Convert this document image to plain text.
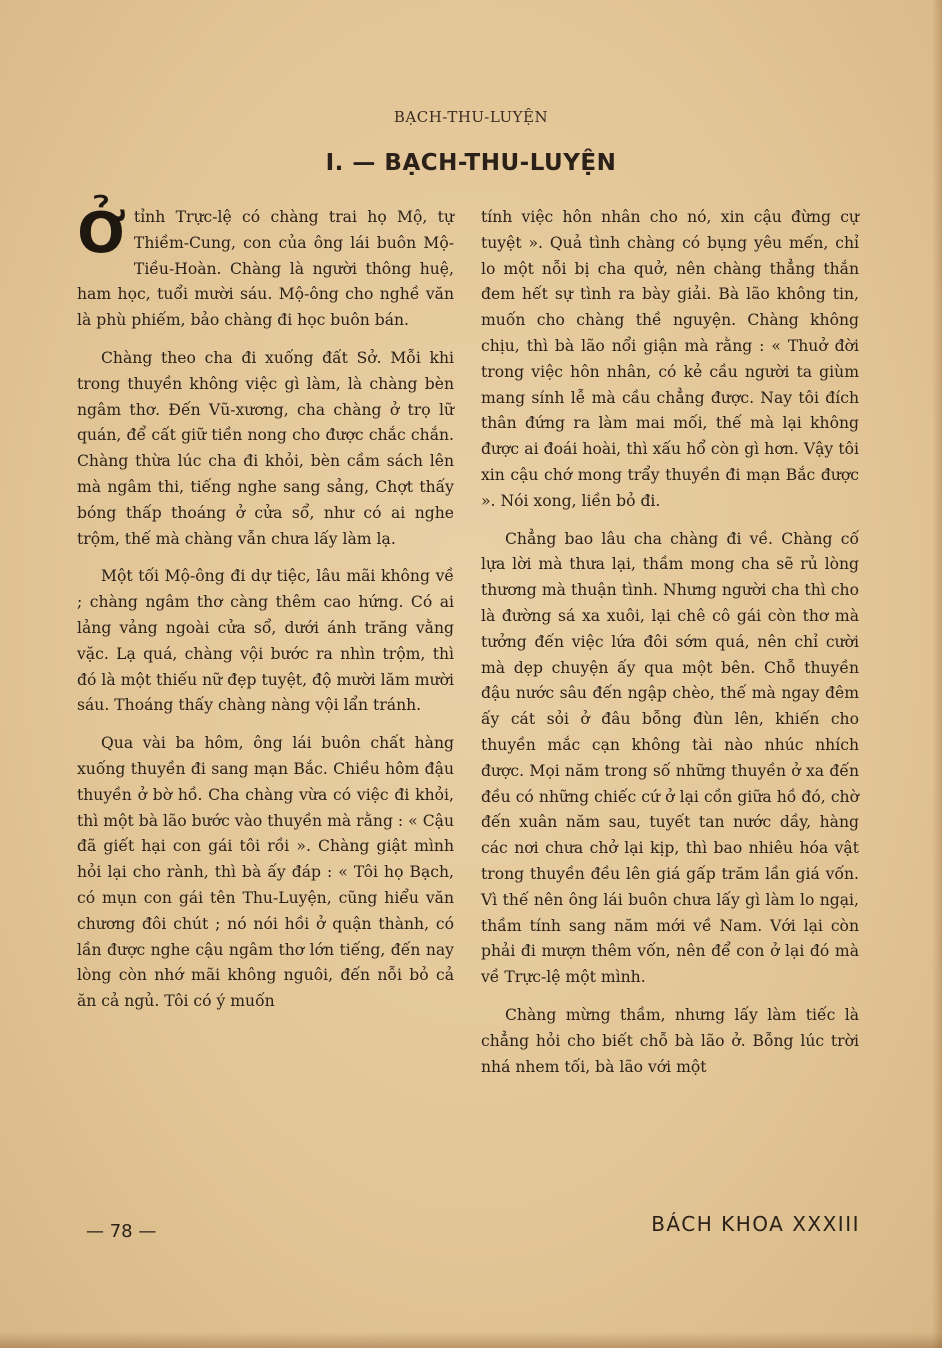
BẠCH-THU-LUYỆN
I. — BẠCH-THU-LUYỆN

Ởtỉnh Trực-lệ có chàng trai họ Mộ, tự Thiềm-Cung, con của ông lái buôn Mộ-Tiều-Hoàn. Chàng là người thông huệ, ham học, tuổi mười sáu. Mộ-ông cho nghề văn là phù phiếm, bảo chàng đi học buôn bán.

Chàng theo cha đi xuống đất Sở. Mỗi khi trong thuyền không việc gì làm, là chàng bèn ngâm thơ. Đến Vũ-xương, cha chàng ở trọ lữ quán, để cất giữ tiền nong cho được chắc chắn. Chàng thừa lúc cha đi khỏi, bèn cầm sách lên mà ngâm thi, tiếng nghe sang sảng, Chợt thấy bóng thấp thoáng ở cửa sổ, như có ai nghe trộm, thế mà chàng vẫn chưa lấy làm lạ.

Một tối Mộ-ông đi dự tiệc, lâu mãi không về ; chàng ngâm thơ càng thêm cao hứng. Có ai lảng vảng ngoài cửa sổ, dưới ánh trăng vằng vặc. Lạ quá, chàng vội bước ra nhìn trộm, thì đó là một thiếu nữ đẹp tuyệt, độ mười lăm mười sáu. Thoáng thấy chàng nàng vội lẩn tránh.

Qua vài ba hôm, ông lái buôn chất hàng xuống thuyền đi sang mạn Bắc. Chiều hôm đậu thuyền ở bờ hồ. Cha chàng vừa có việc đi khỏi, thì một bà lão bước vào thuyền mà rằng : « Cậu đã giết hại con gái tôi rồi ». Chàng giật mình hỏi lại cho rành, thì bà ấy đáp : « Tôi họ Bạch, có mụn con gái tên Thu-Luyện, cũng hiểu văn chương đôi chút ; nó nói hồi ở quận thành, có lần được nghe cậu ngâm thơ lớn tiếng, đến nay lòng còn nhớ mãi không nguôi, đến nỗi bỏ cả ăn cả ngủ. Tôi có ý muốn

tính việc hôn nhân cho nó, xin cậu đừng cự tuyệt ». Quả tình chàng có bụng yêu mến, chỉ lo một nỗi bị cha quở, nên chàng thẳng thắn đem hết sự tình ra bày giải. Bà lão không tin, muốn cho chàng thề nguyện. Chàng không chịu, thì bà lão nổi giận mà rằng : « Thuở đời trong việc hôn nhân, có kẻ cầu người ta giùm mang sính lễ mà cầu chẳng được. Nay tôi đích thân đứng ra làm mai mối, thế mà lại không được ai đoái hoài, thì xấu hổ còn gì hơn. Vậy tôi xin cậu chớ mong trẩy thuyền đi mạn Bắc được ». Nói xong, liền bỏ đi.

Chẳng bao lâu cha chàng đi về. Chàng cố lựa lời mà thưa lại, thầm mong cha sẽ rủ lòng thương mà thuận tình. Nhưng người cha thì cho là đường sá xa xuôi, lại chê cô gái còn thơ mà tưởng đến việc lứa đôi sớm quá, nên chỉ cười mà dẹp chuyện ấy qua một bên. Chỗ thuyền đậu nước sâu đến ngập chèo, thế mà ngay đêm ấy cát sỏi ở đâu bỗng đùn lên, khiến cho thuyền mắc cạn không tài nào nhúc nhích được. Mọi năm trong số những thuyền ở xa đến đều có những chiếc cứ ở lại cồn giữa hồ đó, chờ đến xuân năm sau, tuyết tan nước dầy, hàng các nơi chưa chở lại kịp, thì bao nhiêu hóa vật trong thuyền đều lên giá gấp trăm lần giá vốn. Vì thế nên ông lái buôn chưa lấy gì làm lo ngại, thầm tính sang năm mới về Nam. Với lại còn phải đi mượn thêm vốn, nên để con ở lại đó mà về Trực-lệ một mình.

Chàng mừng thầm, nhưng lấy làm tiếc là chẳng hỏi cho biết chỗ bà lão ở. Bỗng lúc trời nhá nhem tối, bà lão với một

— 78 —	BÁCH KHOA XXXIII
